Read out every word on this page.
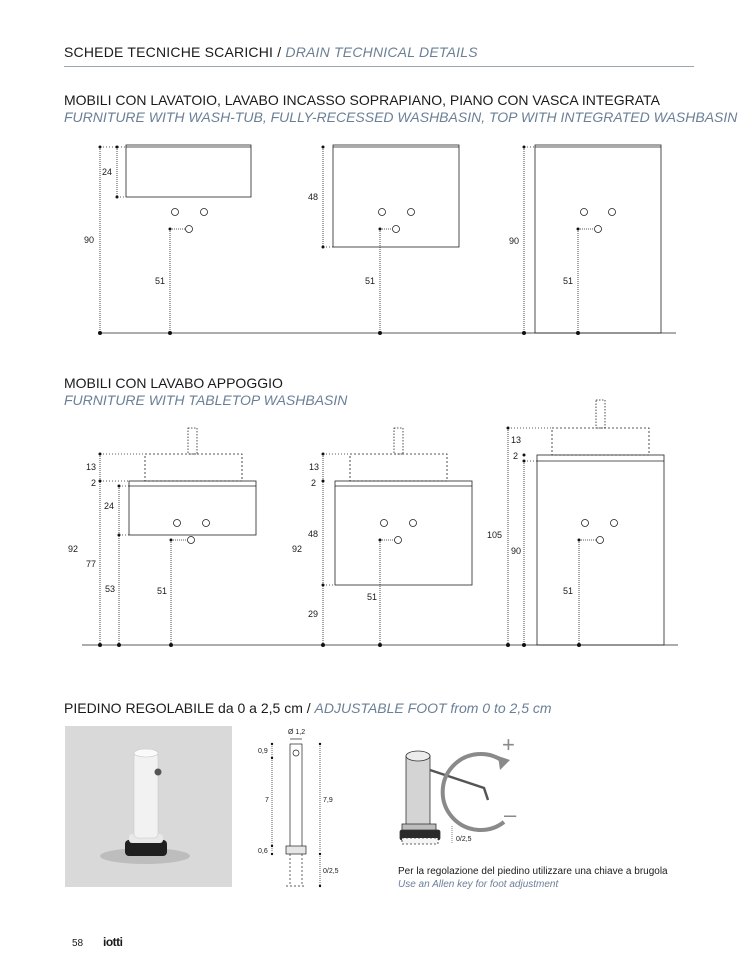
SCHEDE TECNICHE SCARICHI / DRAIN TECHNICAL DETAILS
MOBILI CON LAVATOIO, LAVABO INCASSO SOPRAPIANO, PIANO CON VASCA INTEGRATA
FURNITURE WITH WASH-TUB, FULLY-RECESSED WASHBASIN, TOP WITH INTEGRATED WASHBASIN
24
90
51
48
51
90
51
MOBILI CON LAVABO APPOGGIO
FURNITURE WITH TABLETOP WASHBASIN
13
2
24
92
77
53	51
13
2
92
48
29
51
13
2
105
90
51
PIEDINO REGOLABILE da 0 a 2,5 cm / ADJUSTABLE FOOT from 0 to 2,5 cm
Ø 1,2
0,9
7	7,9
0,6
0/2,5
+
–
0/2,5
Per la regolazione del piedino utilizzare una chiave a brugola
Use an Allen key for foot adjustment
58 iotti
